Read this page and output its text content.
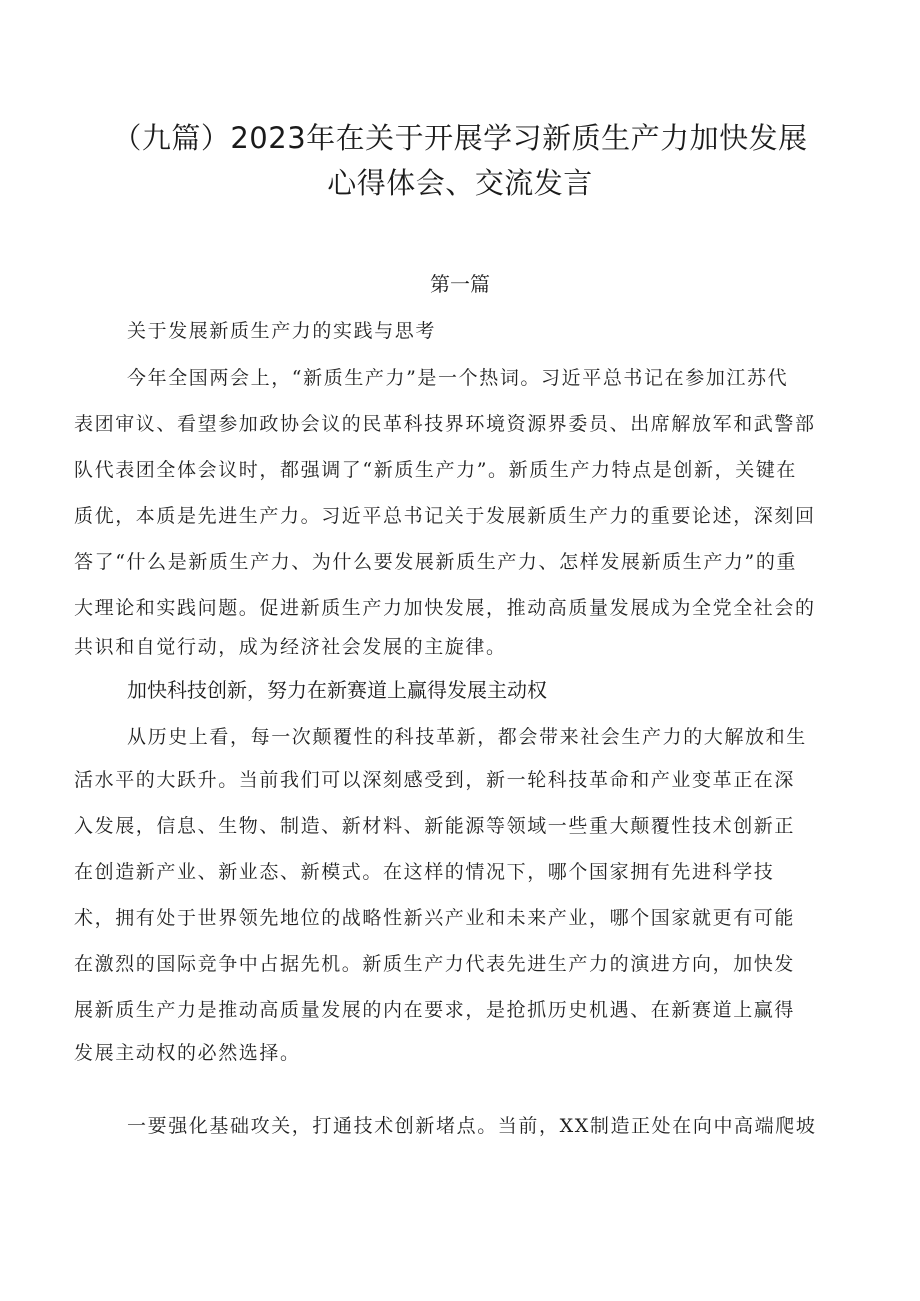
（九篇）2023年在关于开展学习新质生产力加快发展
心得体会、交流发言
第一篇
关于发展新质生产力的实践与思考
今年全国两会上，“新质生产力”是一个热词。习近平总书记在参加江苏代
表团审议、看望参加政协会议的民革科技界环境资源界委员、出席解放军和武警部
队代表团全体会议时，都强调了“新质生产力”。新质生产力特点是创新，关键在
质优，本质是先进生产力。习近平总书记关于发展新质生产力的重要论述，深刻回
答了“什么是新质生产力、为什么要发展新质生产力、怎样发展新质生产力”的重
大理论和实践问题。促进新质生产力加快发展，推动高质量发展成为全党全社会的
共识和自觉行动，成为经济社会发展的主旋律。
加快科技创新，努力在新赛道上赢得发展主动权
从历史上看，每一次颠覆性的科技革新，都会带来社会生产力的大解放和生
活水平的大跃升。当前我们可以深刻感受到，新一轮科技革命和产业变革正在深
入发展，信息、生物、制造、新材料、新能源等领域一些重大颠覆性技术创新正
在创造新产业、新业态、新模式。在这样的情况下，哪个国家拥有先进科学技
术，拥有处于世界领先地位的战略性新兴产业和未来产业，哪个国家就更有可能
在激烈的国际竞争中占据先机。新质生产力代表先进生产力的演进方向，加快发
展新质生产力是推动高质量发展的内在要求，是抢抓历史机遇、在新赛道上赢得
发展主动权的必然选择。
一要强化基础攻关，打通技术创新堵点。当前，XX制造正处在向中高端爬坡
